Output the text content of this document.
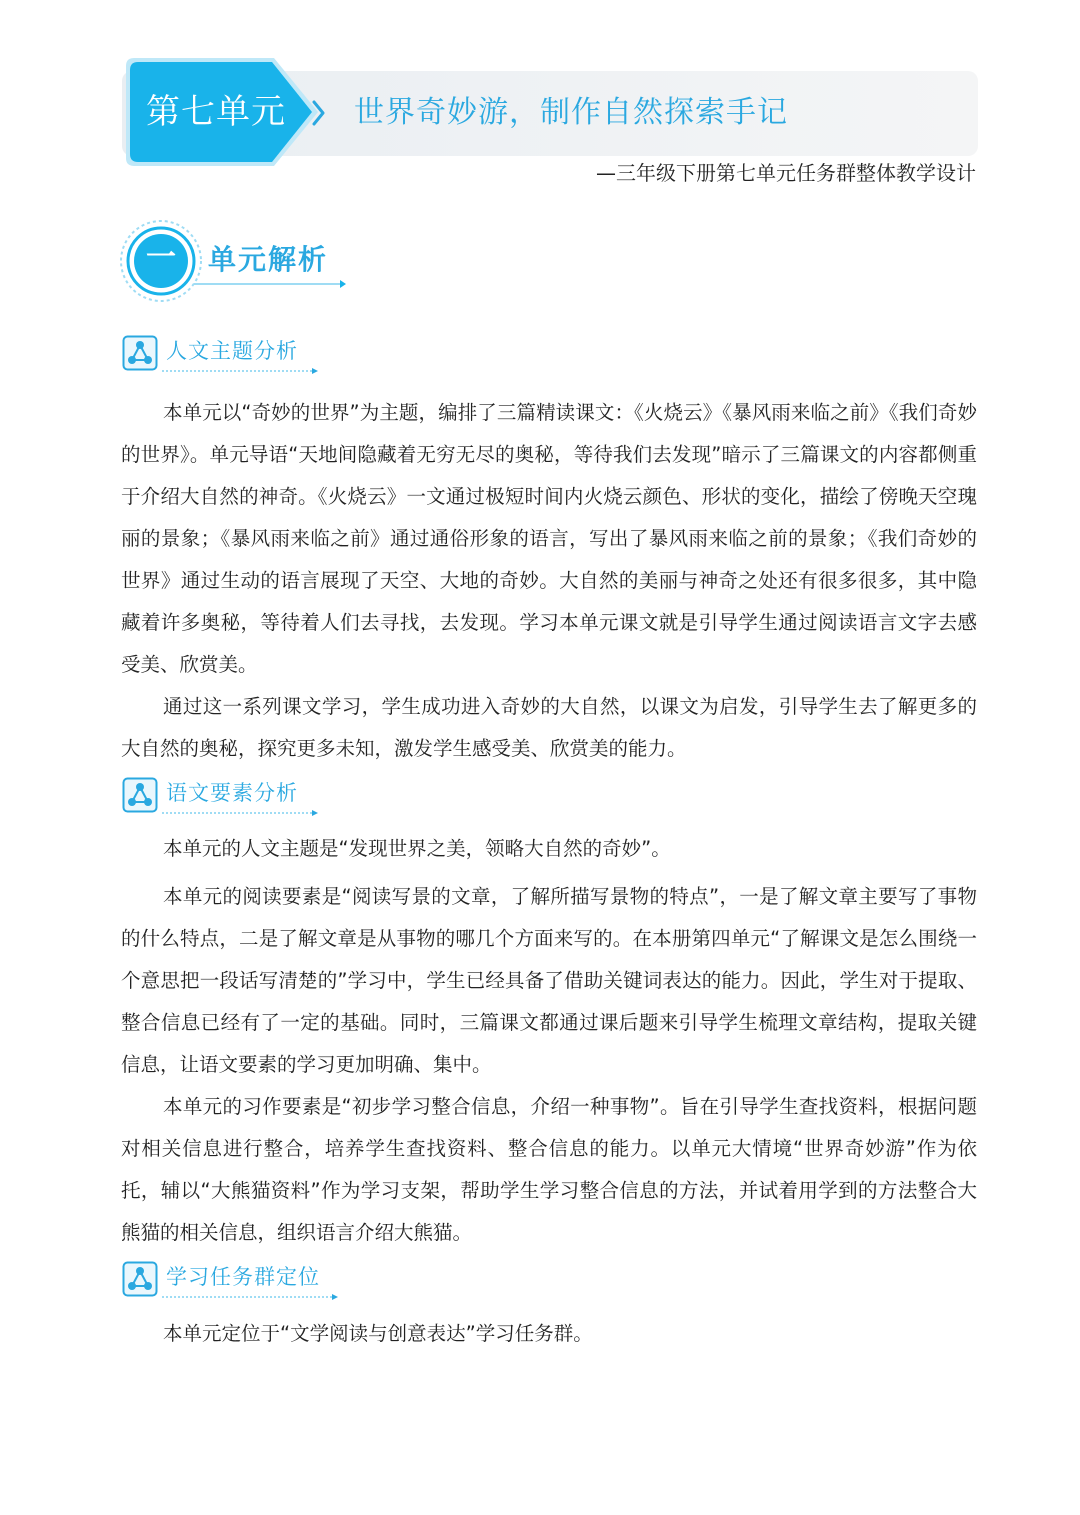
第七单元	世界奇妙游，制作自然探索手记
—三年级下册第七单元任务群整体教学设计
一 单元解析
人文主题分析

本单元以“奇妙的世界”为主题，编排了三篇精读课文：《火烧云》《暴风雨来临之前》《我们奇妙的世界》。单元导语“天地间隐藏着无穷无尽的奥秘，等待我们去发现”暗示了三篇课文的内容都侧重于介绍大自然的神奇。《火烧云》一文通过极短时间内火烧云颜色、形状的变化，描绘了傍晚天空瑰丽的景象；《暴风雨来临之前》通过通俗形象的语言，写出了暴风雨来临之前的景象；《我们奇妙的世界》通过生动的语言展现了天空、大地的奇妙。大自然的美丽与神奇之处还有很多很多，其中隐藏着许多奥秘，等待着人们去寻找，去发现。学习本单元课文就是引导学生通过阅读语言文字去感受美、欣赏美。

通过这一系列课文学习，学生成功进入奇妙的大自然，以课文为启发，引导学生去了解更多的大自然的奥秘，探究更多未知，激发学生感受美、欣赏美的能力。

语文要素分析

本单元的人文主题是“发现世界之美，领略大自然的奇妙”。

本单元的阅读要素是“阅读写景的文章，了解所描写景物的特点”，一是了解文章主要写了事物的什么特点，二是了解文章是从事物的哪几个方面来写的。在本册第四单元“了解课文是怎么围绕一个意思把一段话写清楚的”学习中，学生已经具备了借助关键词表达的能力。因此，学生对于提取、整合信息已经有了一定的基础。同时，三篇课文都通过课后题来引导学生梳理文章结构，提取关键信息，让语文要素的学习更加明确、集中。

本单元的习作要素是“初步学习整合信息，介绍一种事物”。旨在引导学生查找资料，根据问题对相关信息进行整合，培养学生查找资料、整合信息的能力。以单元大情境“世界奇妙游”作为依托，辅以“大熊猫资料”作为学习支架，帮助学生学习整合信息的方法，并试着用学到的方法整合大熊猫的相关信息，组织语言介绍大熊猫。

学习任务群定位

本单元定位于“文学阅读与创意表达”学习任务群。
